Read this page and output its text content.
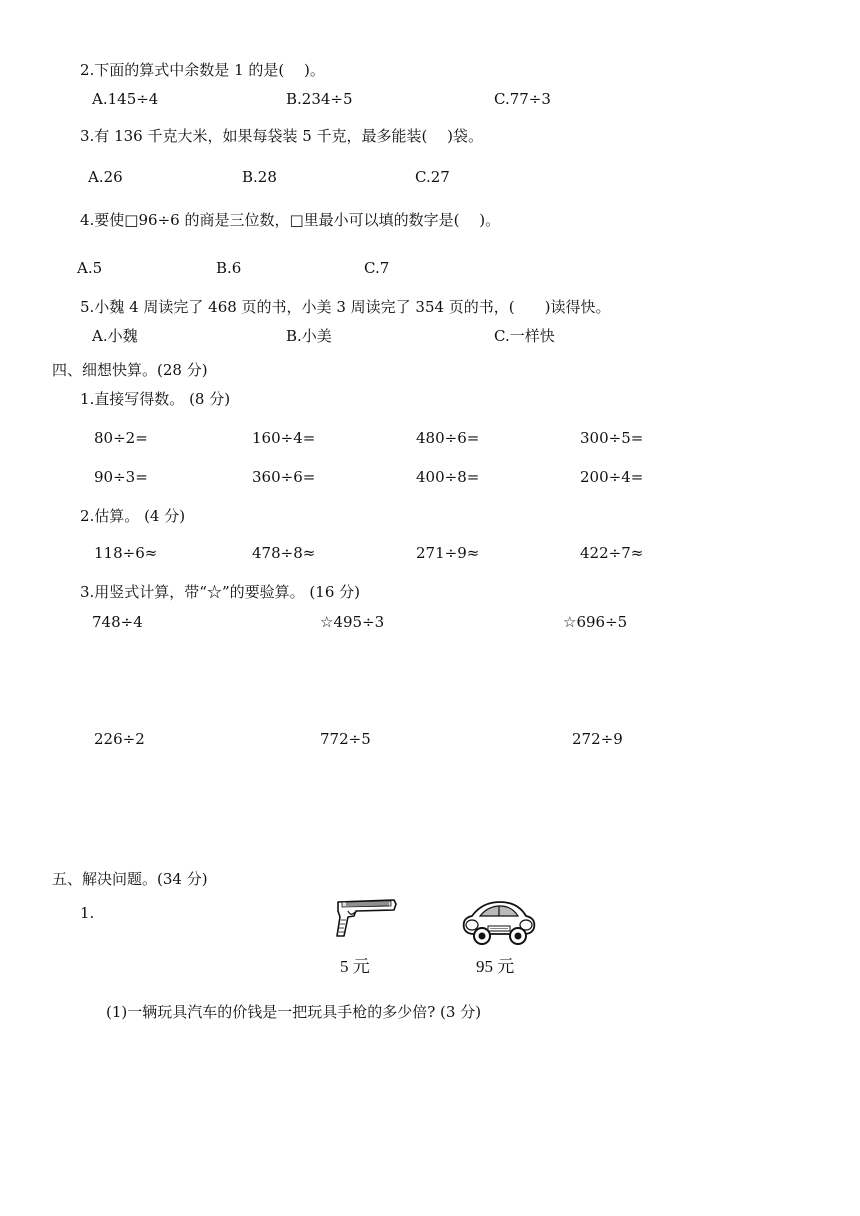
2.下面的算式中余数是 1 的是(　 )。
A.145÷4	B.234÷5	C.77÷3
3.有 136 千克大米，如果每袋装 5 千克，最多能装(　 )袋。
A.26	B.28	C.27
4.要使□96÷6 的商是三位数，□里最小可以填的数字是(　 )。
A.5	B.6	C.7
5.小魏 4 周读完了 468 页的书，小美 3 周读完了 354 页的书，(　　)读得快。
A.小魏	B.小美	C.一样快
四、细想快算。(28 分)
1.直接写得数。 (8 分)
80÷2=	160÷4=	480÷6=	300÷5=
90÷3=	360÷6=	400÷8=	200÷4=
2.估算。 (4 分)
118÷6≈	478÷8≈	271÷9≈	422÷7≈
3.用竖式计算，带“☆”的要验算。 (16 分)
748÷4	☆495÷3	☆696÷5
226÷2	772÷5	272÷9
五、解决问题。(34 分)
1.
5 元	95 元
(1)一辆玩具汽车的价钱是一把玩具手枪的多少倍? (3 分)
